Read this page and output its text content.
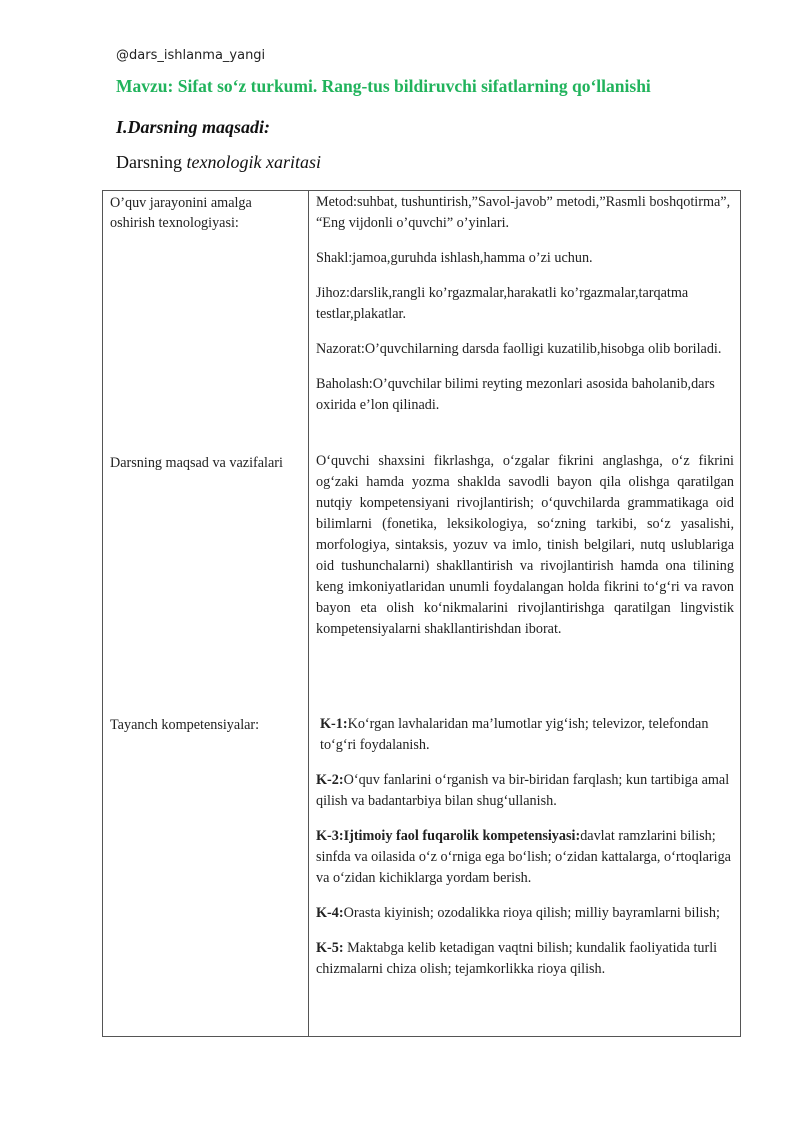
@dars_ishlanma_yangi
Mavzu: Sifat so‘z turkumi. Rang-tus bildiruvchi sifatlarning qo‘llanishi
I.Darsning maqsadi:
Darsning texnologik xaritasi
O’quv jarayonini amalga oshirish texnologiyasi:

Metod:suhbat, tushuntirish,”Savol-javob” metodi,”Rasmli boshqotirma”, “Eng vijdonli o’quvchi” o’yinlari.

Shakl:jamoa,guruhda ishlash,hamma o’zi uchun.

Jihoz:darslik,rangli ko’rgazmalar,harakatli ko’rgazmalar,tarqatma testlar,plakatlar.

Nazorat:O’quvchilarning darsda faolligi kuzatilib,hisobga olib boriladi.

Baholash:O’quvchilar bilimi reyting mezonlari asosida baholanib,dars oxirida e’lon qilinadi.

Darsning maqsad va vazifalari	O‘quvchi shaxsini fikrlashga, o‘zgalar fikrini anglashga, o‘z fikrini og‘zaki hamda yozma shaklda savodli bayon qila olishga qaratilgan nutqiy kompetensiyani rivojlantirish; o‘quvchilarda grammatikaga oid bilimlarni (fonetika, leksikologiya, so‘zning tarkibi, so‘z yasalishi, morfologiya, sintaksis, yozuv va imlo, tinish belgilari, nutq uslublariga oid tushunchalarni) shakllantirish va rivojlantirish hamda ona tilining keng imkoniyatlaridan unumli foydalangan holda fikrini to‘g‘ri va ravon bayon eta olish ko‘nikmalarini rivojlantirishga qaratilgan lingvistik kompetensiyalarni shakllantirishdan iborat.

Tayanch kompetensiyalar:	K-1:Ko‘rgan lavhalaridan ma’lumotlar yig‘ish; televizor, telefondan to‘g‘ri foydalanish.

K-2:O‘quv fanlarini o‘rganish va bir-biridan farqlash; kun tartibiga amal qilish va badantarbiya bilan shug‘ullanish.

K-3:Ijtimoiy faol fuqarolik kompetensiyasi:davlat ramzlarini bilish; sinfda va oilasida o‘z o‘rniga ega bo‘lish; o‘zidan kattalarga, o‘rtoqlariga va o‘zidan kichiklarga yordam berish.

K-4:Orasta kiyinish; ozodalikka rioya qilish; milliy bayramlarni bilish;

K-5: Maktabga kelib ketadigan vaqtni bilish; kundalik faoliyatida turli chizmalarni chiza olish; tejamkorlikka rioya qilish.
